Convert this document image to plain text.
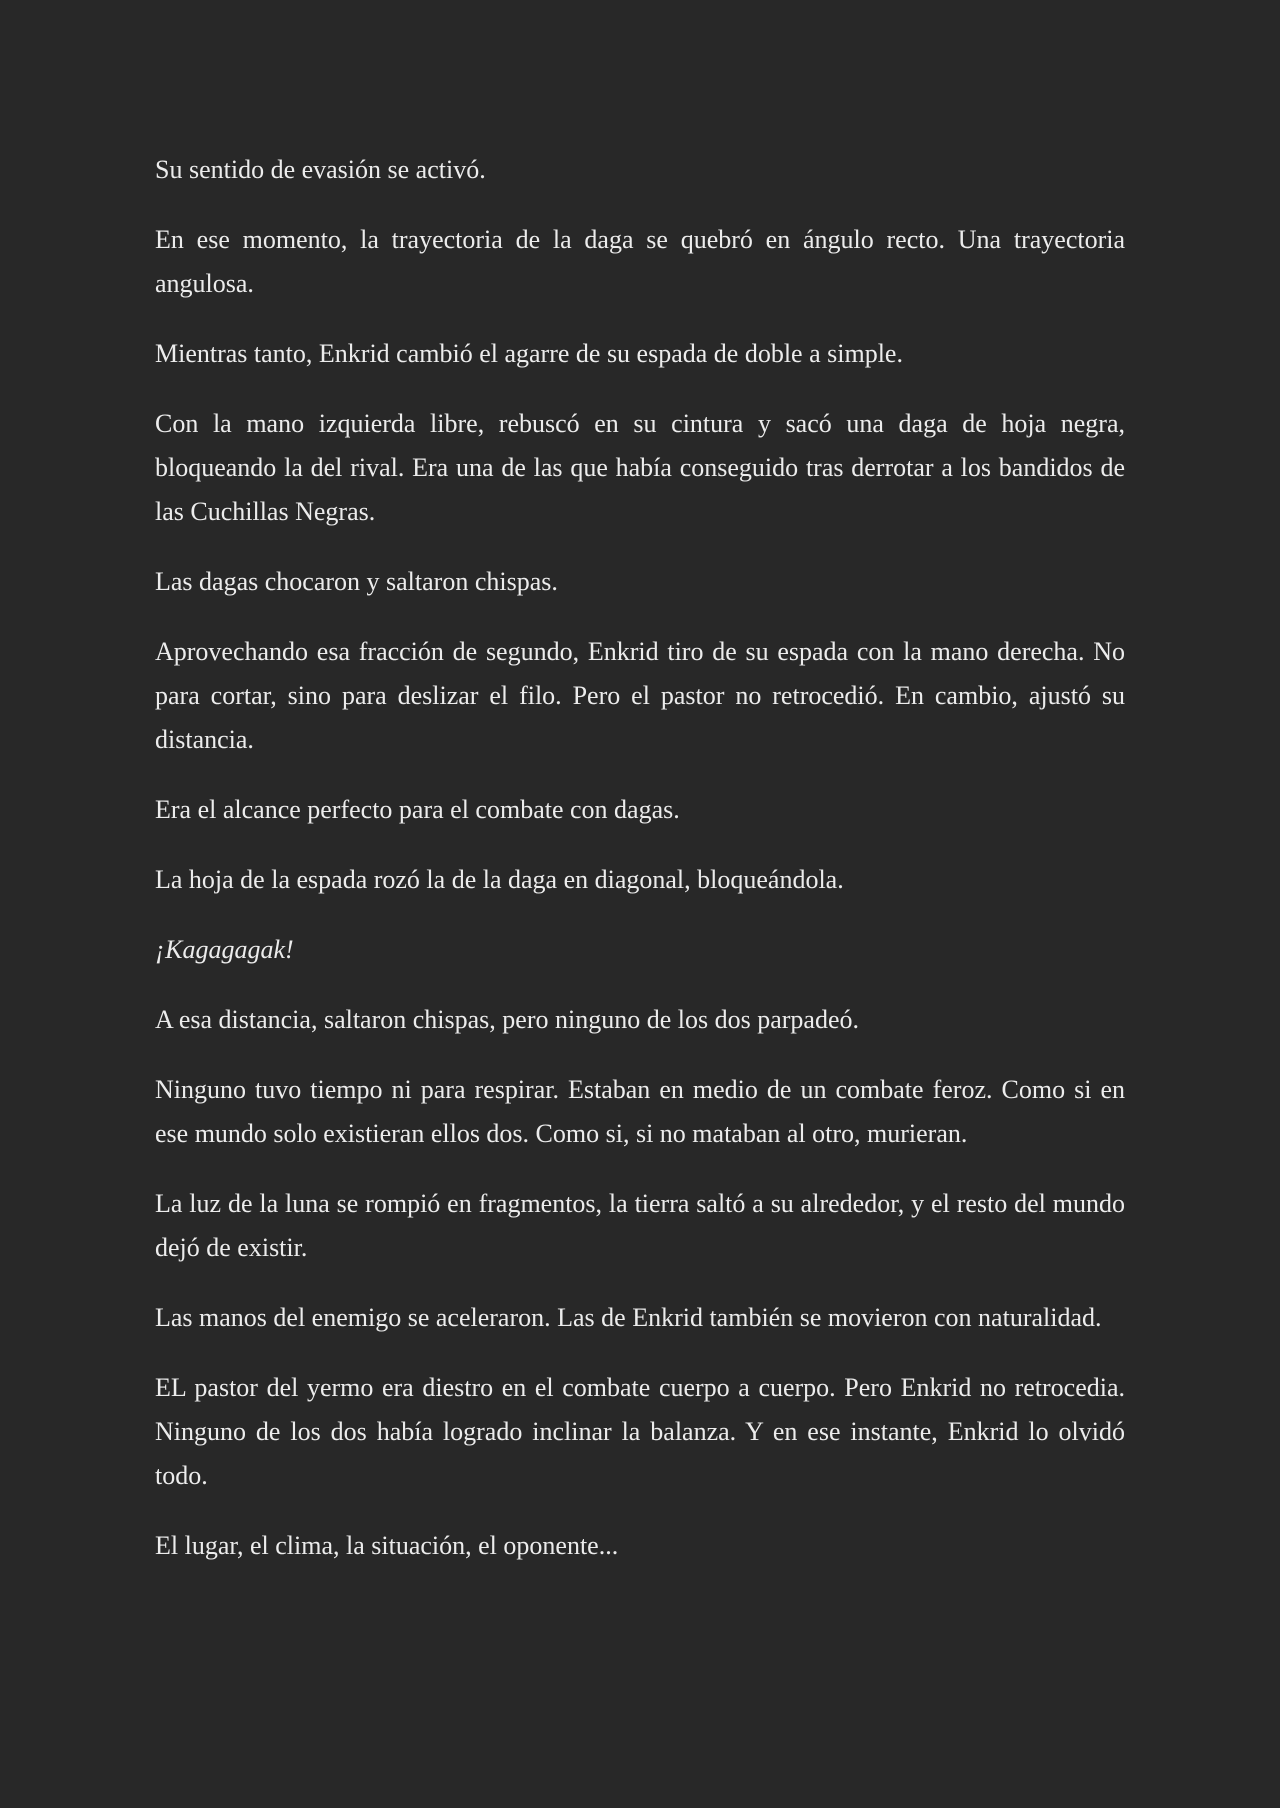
Su sentido de evasión se activó.

En ese momento, la trayectoria de la daga se quebró en ángulo recto. Una trayectoria angulosa.

Mientras tanto, Enkrid cambió el agarre de su espada de doble a simple.

Con la mano izquierda libre, rebuscó en su cintura y sacó una daga de hoja negra, bloqueando la del rival. Era una de las que había conseguido tras derrotar a los bandidos de las Cuchillas Negras.

Las dagas chocaron y saltaron chispas.

Aprovechando esa fracción de segundo, Enkrid tiro de su espada con la mano derecha. No para cortar, sino para deslizar el filo. Pero el pastor no retrocedió. En cambio, ajustó su distancia.

Era el alcance perfecto para el combate con dagas.

La hoja de la espada rozó la de la daga en diagonal, bloqueándola.

¡Kagagagak!

A esa distancia, saltaron chispas, pero ninguno de los dos parpadeó.

Ninguno tuvo tiempo ni para respirar. Estaban en medio de un combate feroz. Como si en ese mundo solo existieran ellos dos. Como si, si no mataban al otro, murieran.

La luz de la luna se rompió en fragmentos, la tierra saltó a su alrededor, y el resto del mundo dejó de existir.

Las manos del enemigo se aceleraron. Las de Enkrid también se movieron con naturalidad.

EL pastor del yermo era diestro en el combate cuerpo a cuerpo. Pero Enkrid no retrocedia. Ninguno de los dos había logrado inclinar la balanza. Y en ese instante, Enkrid lo olvidó todo.

El lugar, el clima, la situación, el oponente...
